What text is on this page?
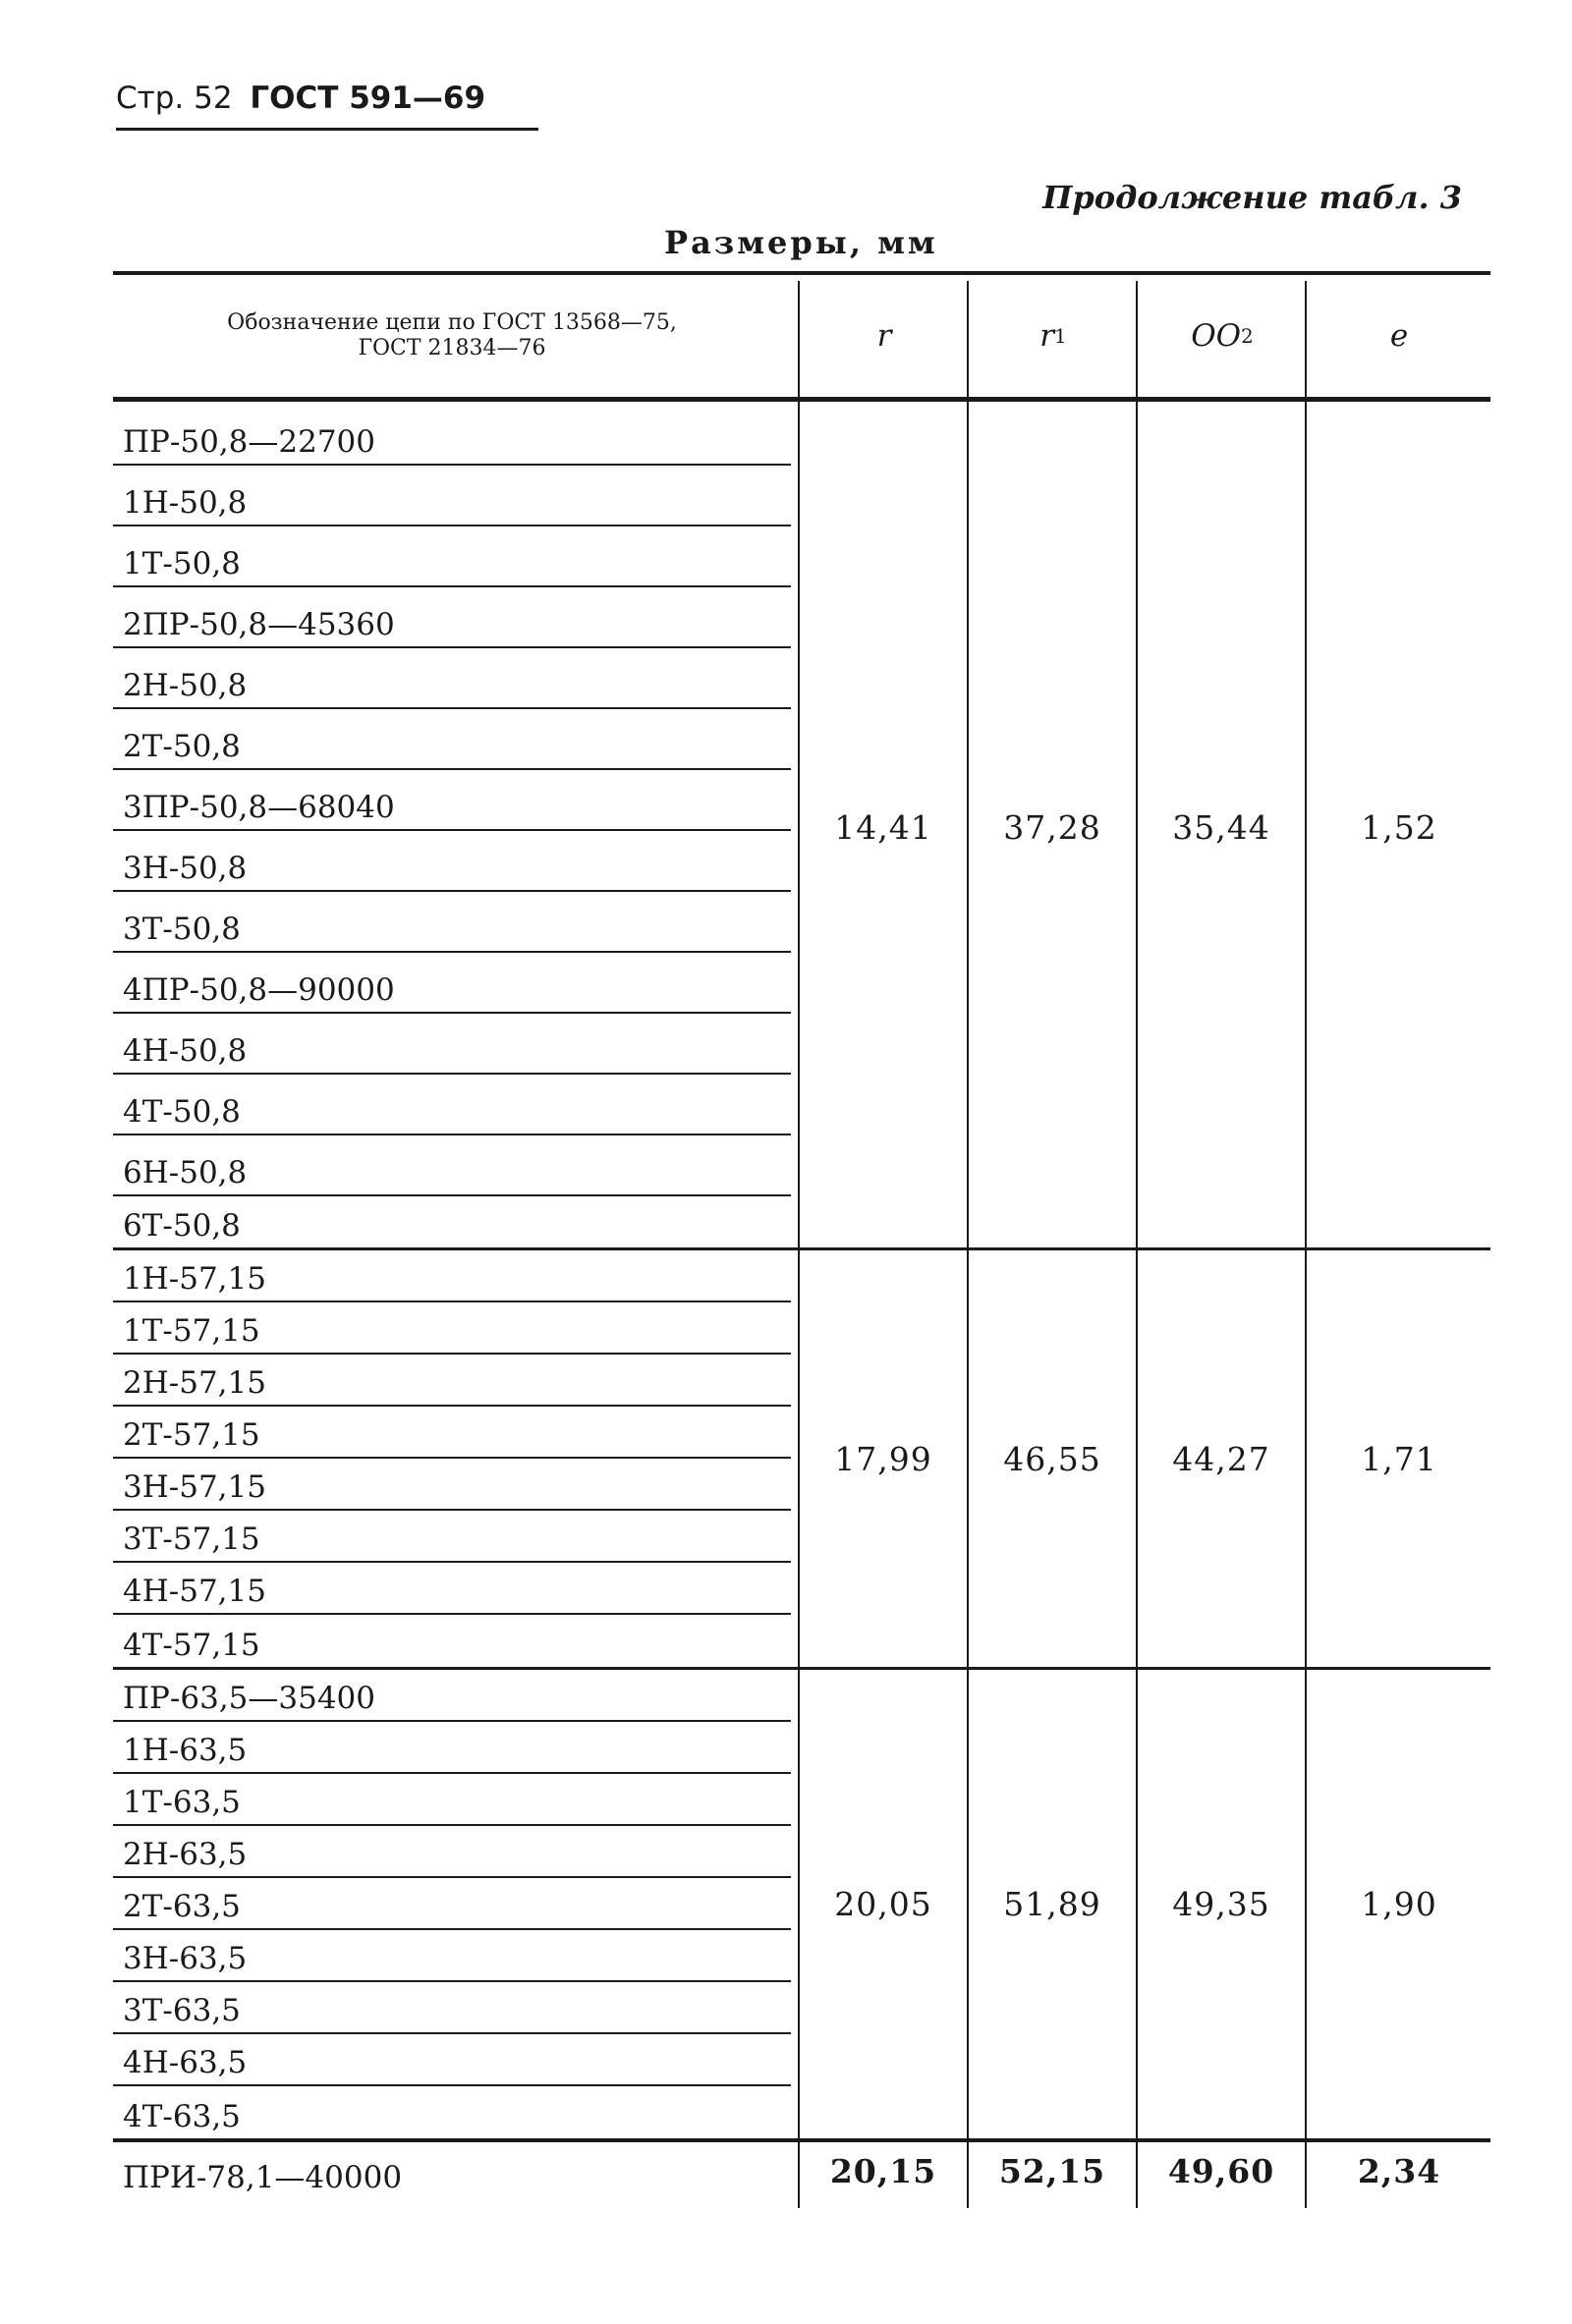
Стр. 52 ГОСТ 591—69
Продолжение табл. 3
Размеры, мм
Обозначение цепи по ГОСТ 13568—75, ГОСТ 21834—76	r	r 1	OO 2	e
ПР-50,8—22700
1Н-50,8
1Т-50,8
2ПР-50,8—45360
2Н-50,8
2Т-50,8
3ПР-50,8—68040
3Н-50,8
3Т-50,8
4ПР-50,8—90000
4Н-50,8
4Т-50,8
6Н-50,8
6Т-50,8
14,41	37,28	35,44	1,52
1Н-57,15
1Т-57,15
2Н-57,15
2Т-57,15
3Н-57,15
3Т-57,15
4Н-57,15
4Т-57,15
17,99	46,55	44,27	1,71
ПР-63,5—35400
1Н-63,5
1Т-63,5
2Н-63,5
2Т-63,5
3Н-63,5
3Т-63,5
4Н-63,5
4Т-63,5
20,05	51,89	49,35	1,90
ПРИ-78,1—40000	20,15	52,15	49,60	2,34
